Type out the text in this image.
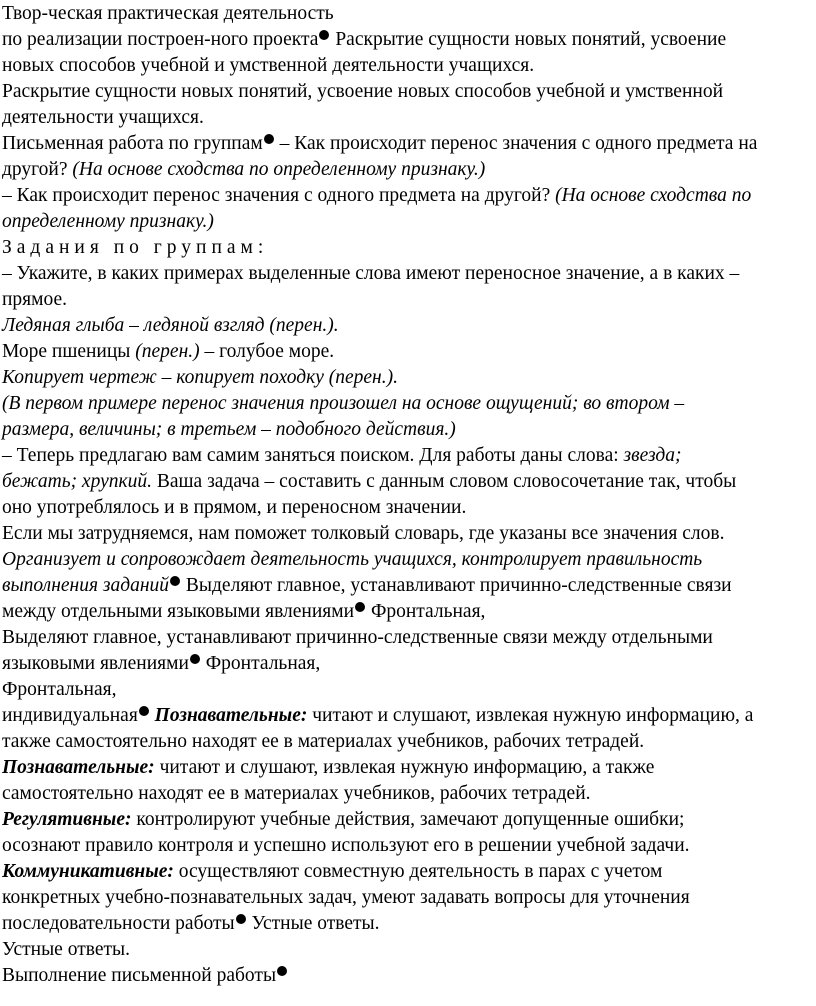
Твор-ческая практическая деятельность
по реализации построен-ного проекта Раскрытие сущности новых понятий, усвоение
новых способов учебной и умственной деятельности учащихся.
Раскрытие сущности новых понятий, усвоение новых способов учебной и умственной
деятельности учащихся.
Письменная работа по группам – Как происходит перенос значения с одного предмета на
другой? (На основе сходства по определенному признаку.)
– Как происходит перенос значения с одного предмета на другой? (На основе сходства по
определенному признаку.)
Задания по группам:
– Укажите, в каких примерах выделенные слова имеют переносное значение, а в каких –
прямое.
Ледяная глыба – ледяной взгляд (перен.).
Море пшеницы (перен.) – голубое море.
Копирует чертеж – копирует походку (перен.).
(В первом примере перенос значения произошел на основе ощущений; во втором –
размера, величины; в третьем – подобного действия.)
– Теперь предлагаю вам самим заняться поиском. Для работы даны слова: звезда;
бежать; хрупкий. Ваша задача – составить с данным словом словосочетание так, чтобы
оно употреблялось и в прямом, и переносном значении.
Если мы затрудняемся, нам поможет толковый словарь, где указаны все значения слов.
Организует и сопровождает деятельность учащихся, контролирует правильность
выполнения заданий Выделяют главное, устанавливают причинно-следственные связи
между отдельными языковыми явлениями Фронтальная,
Выделяют главное, устанавливают причинно-следственные связи между отдельными
языковыми явлениями Фронтальная,
Фронтальная,
индивидуальная Познавательные: читают и слушают, извлекая нужную информацию, а
также самостоятельно находят ее в материалах учебников, рабочих тетрадей.
Познавательные: читают и слушают, извлекая нужную информацию, а также
самостоятельно находят ее в материалах учебников, рабочих тетрадей.
Регулятивные: контролируют учебные действия, замечают допущенные ошибки;
осознают правило контроля и успешно используют его в решении учебной задачи.
Коммуникативные: осуществляют совместную деятельность в парах с учетом
конкретных учебно-познавательных задач, умеют задавать вопросы для уточнения
последовательности работы Устные ответы.
Устные ответы.
Выполнение письменной работы
